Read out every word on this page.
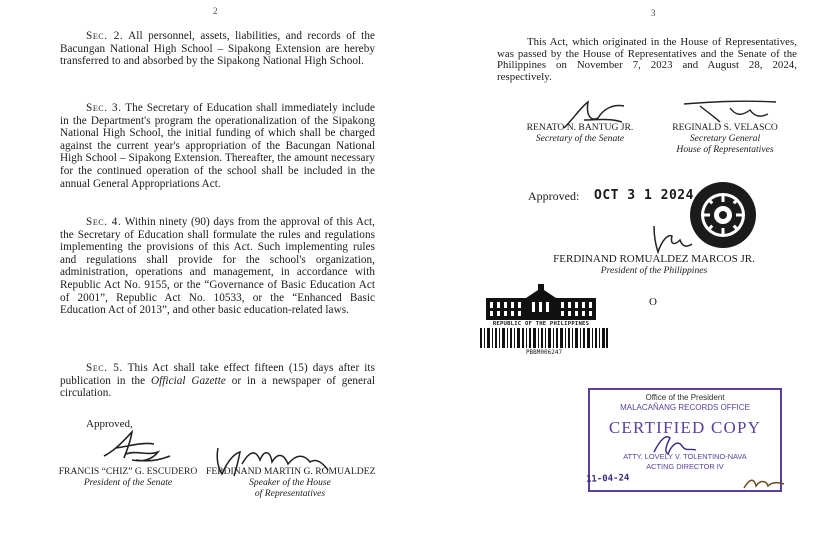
2
Sec. 2. All personnel, assets, liabilities, and records of the Bacungan National High School – Sipakong Extension are hereby transferred to and absorbed by the Sipakong National High School.
Sec. 3. The Secretary of Education shall immediately include in the Department's program the operationalization of the Sipakong National High School, the initial funding of which shall be charged against the current year's appropriation of the Bacungan National High School – Sipakong Extension. Thereafter, the amount necessary for the continued operation of the school shall be included in the annual General Appropriations Act.
Sec. 4. Within ninety (90) days from the approval of this Act, the Secretary of Education shall formulate the rules and regulations implementing the provisions of this Act. Such implementing rules and regulations shall provide for the school's organization, administration, operations and management, in accordance with Republic Act No. 9155, or the “Governance of Basic Education Act of 2001”, Republic Act No. 10533, or the “Enhanced Basic Education Act of 2013”, and other basic education-related laws.
Sec. 5. This Act shall take effect fifteen (15) days after its publication in the Official Gazette or in a newspaper of general circulation.
Approved,
FRANCIS “CHIZ” G. ESCUDERO
President of the Senate
FERDINAND MARTIN G. ROMUALDEZ
Speaker of the House
of Representatives
3
This Act, which originated in the House of Representatives, was passed by the House of Representatives and the Senate of the Philippines on November 7, 2023 and August 28, 2024, respectively.
RENATO N. BANTUG JR.
Secretary of the Senate
REGINALD S. VELASCO
Secretary General
House of Representatives
Approved: OCT 3 1 2024
FERDINAND ROMUALDEZ MARCOS JR.
President of the Philippines
REPUBLIC OF THE PHILIPPINES
PBBM006247
O
Office of the President
MALACAÑANG RECORDS OFFICE
CERTIFIED COPY
ATTY. LOVELY V. TOLENTINO-NAVA
ACTING DIRECTOR IV
11-04-24
